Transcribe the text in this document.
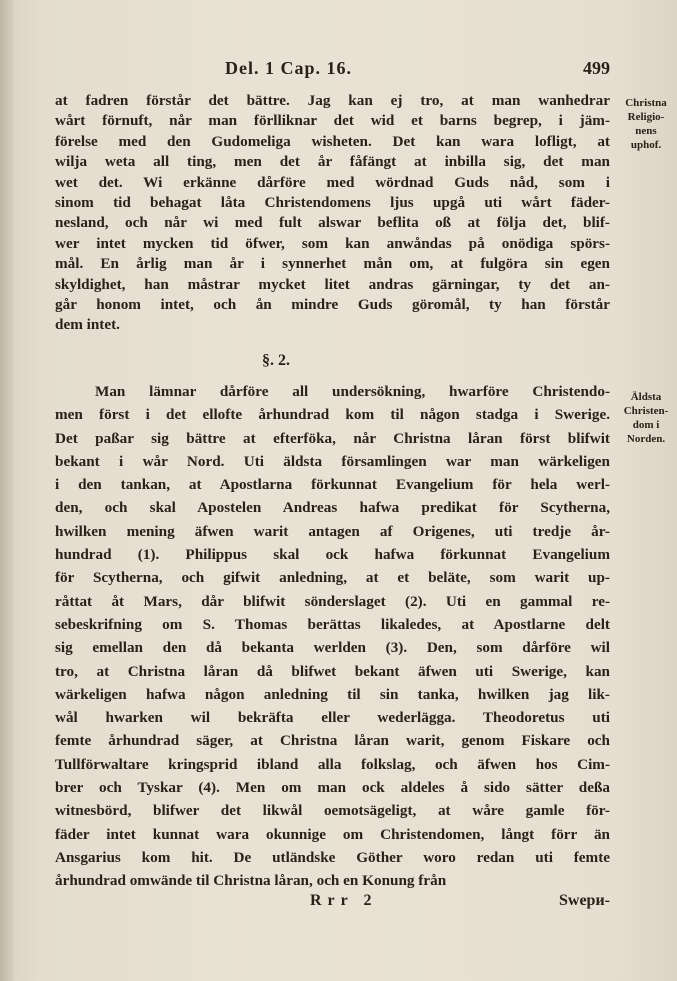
Del. 1 Cap. 16.	499
at fadren förstår det bättre. Jag kan ej tro, at man wanhedrar
wårt förnuft, når man förlliknar det wid et barns begrep, i jäm-
förelse med den Gudomeliga wisheten. Det kan wara lofligt, at
wilja weta all ting, men det år fåfängt at inbilla sig, det man
wet det. Wi erkänne dårföre med wördnad Guds nåd, som i
sinom tid behagat låta Christendomens ljus upgå uti wårt fäder-
nesland, och når wi med fult alswar beflita oß at följa det, blif-
wer intet mycken tid öfwer, som kan anwåndas på onödiga spörs-
mål. En årlig man år i synnerhet mån om, at fulgöra sin egen
skyldighet, han måstrar mycket litet andras gärningar, ty det an-
går honom intet, och ån mindre Guds göromål, ty han förstår
dem intet.
Christna
Religio-
nens
uphof.
§. 2.
Man lämnar dårföre all undersökning, hwarföre Christendo-
men först i det ellofte århundrad kom til någon stadga i Swerige.
Det paßar sig bättre at efterföka, når Christna låran först blifwit
bekant i wår Nord. Uti äldsta församlingen war man wärkeligen
i den tankan, at Apostlarna förkunnat Evangelium för hela werl-
den, och skal Apostelen Andreas hafwa predikat för Scytherna,
hwilken mening äfwen warit antagen af Origenes, uti tredje år-
hundrad (1). Philippus skal ock hafwa förkunnat Evangelium
för Scytherna, och gifwit anledning, at et beläte, som warit up-
råttat åt Mars, dår blifwit sönderslaget (2). Uti en gammal re-
sebeskrifning om S. Thomas berättas likaledes, at Apostlarne delt
sig emellan den då bekanta werlden (3). Den, som dårföre wil
tro, at Christna låran då blifwet bekant äfwen uti Swerige, kan
wärkeligen hafwa någon anledning til sin tanka, hwilken jag lik-
wål hwarken wil bekräfta eller wederlägga. Theodoretus uti
femte århundrad säger, at Christna låran warit, genom Fiskare och
Tullförwaltare kringsprid ibland alla folkslag, och äfwen hos Cim-
brer och Tyskar (4). Men om man ock aldeles å sido sätter deßa
witnesbörd, blifwer det likwål oemotsägeligt, at wåre gamle för-
fäder intet kunnat wara okunnige om Christendomen, långt förr än
Ansgarius kom hit. De utländske Göther woro redan uti femte
århundrad omwände til Christna låran, och en Konung från
Äldsta
Christen-
dom i
Norden.
Rrr 2	Swери-
